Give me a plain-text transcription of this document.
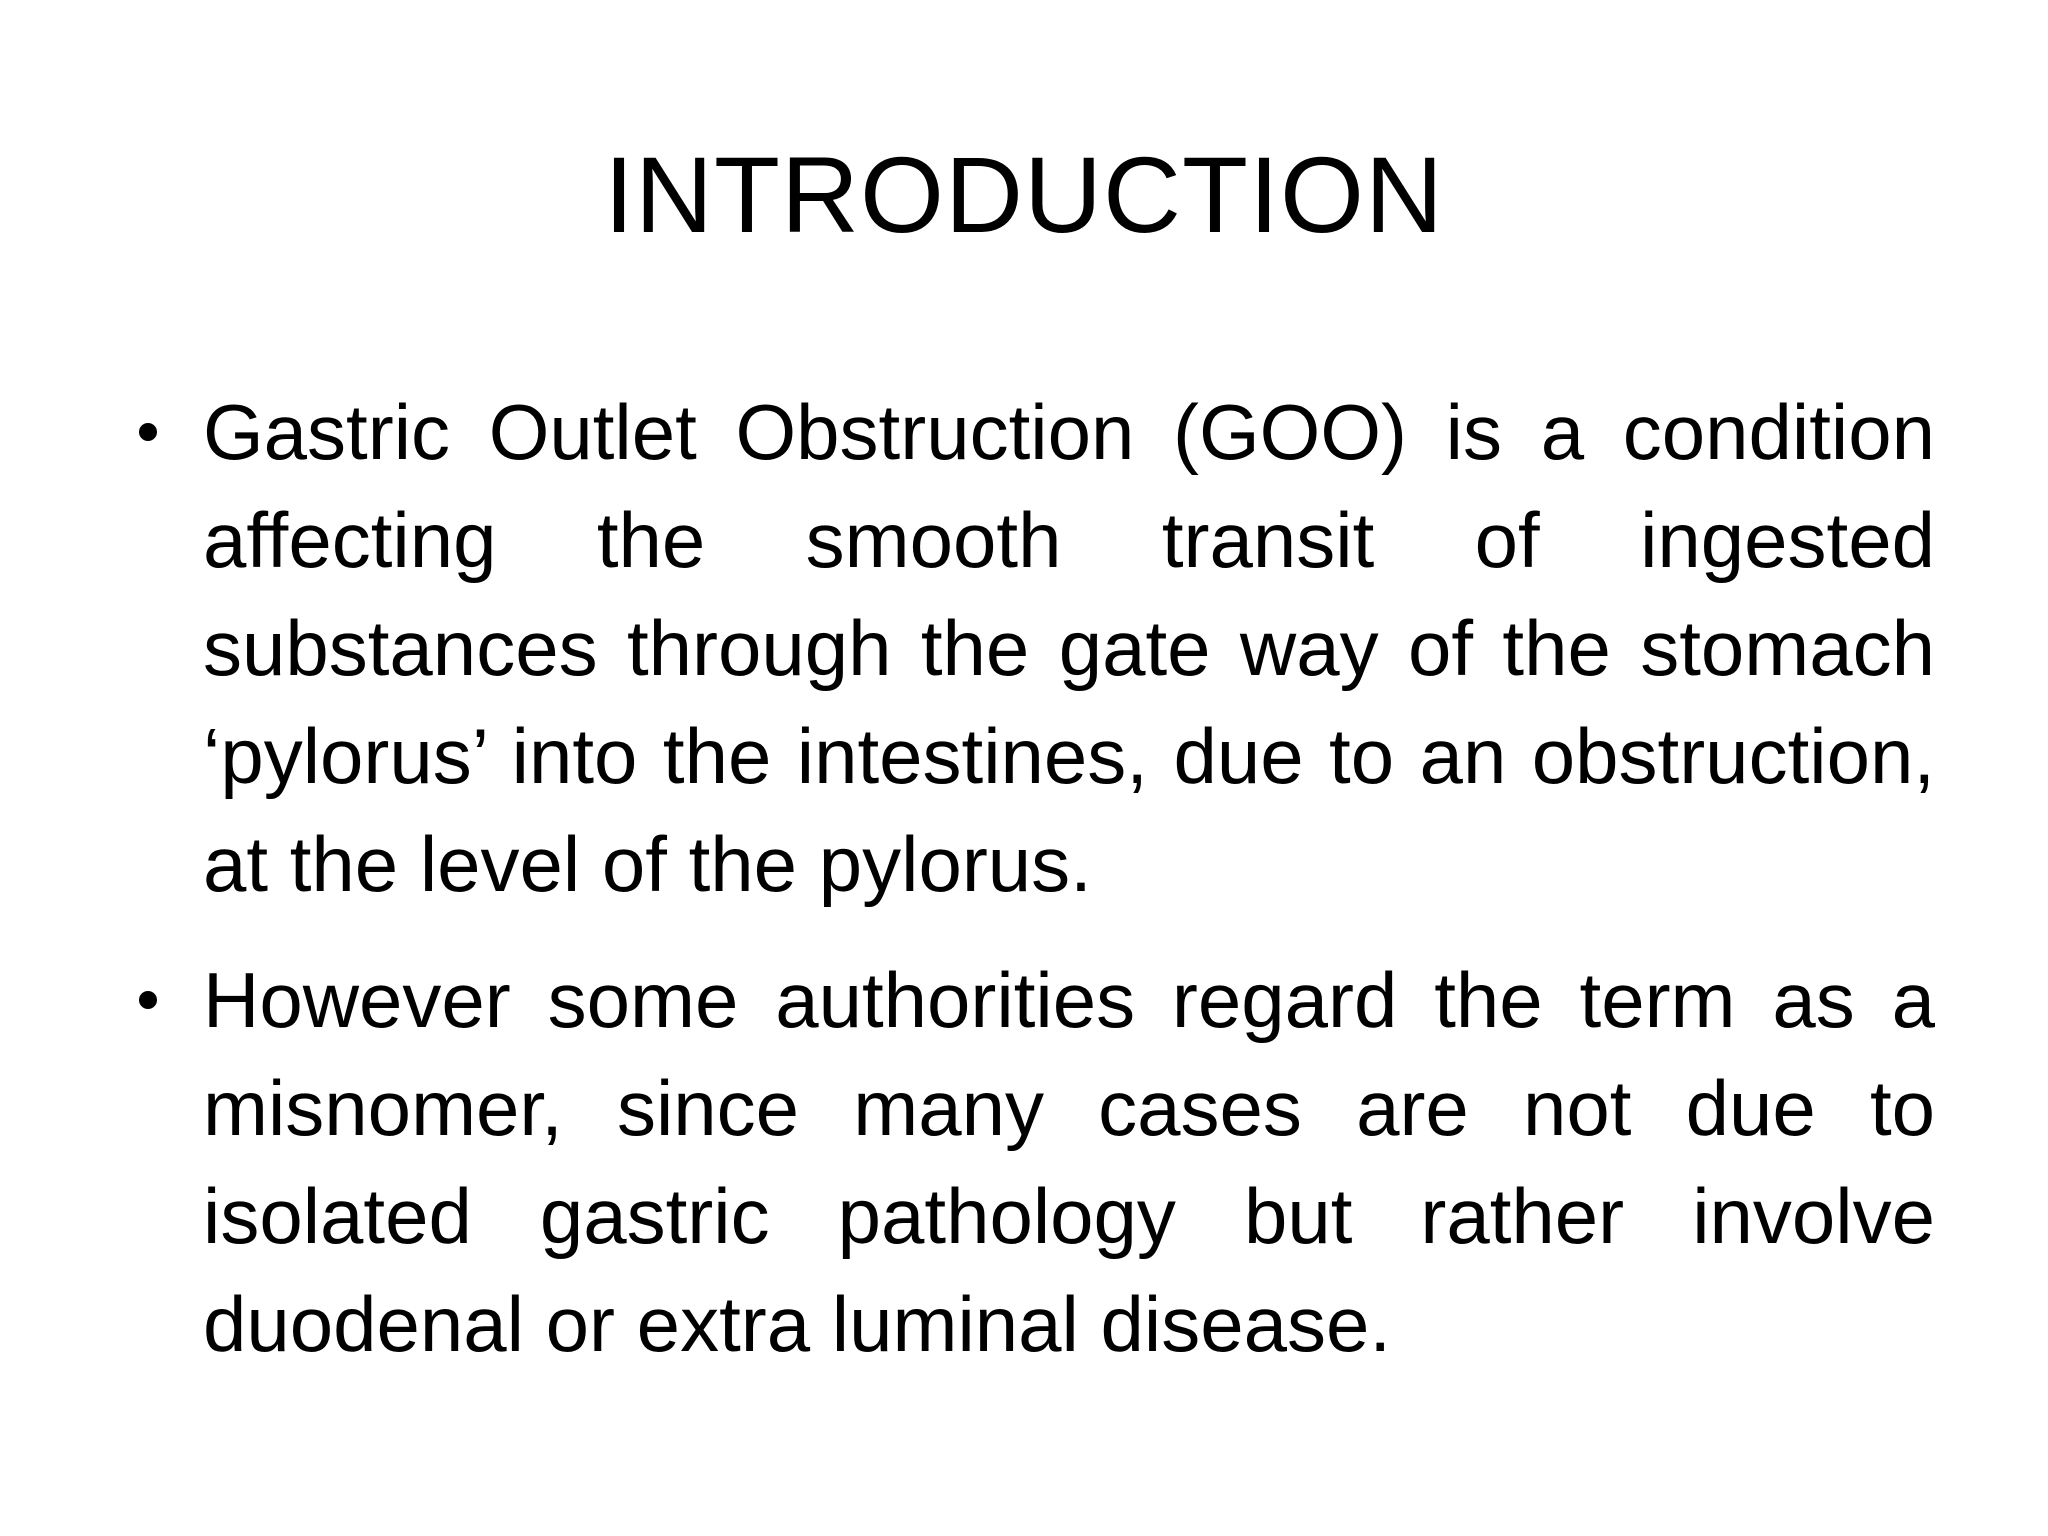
INTRODUCTION
Gastric Outlet Obstruction (GOO) is a condition affecting the smooth transit of ingested substances through the gate way of the stomach ‘pylorus’ into the intestines, due to an obstruction, at the level of the pylorus.
However some authorities regard the term as a misnomer, since many cases are not due to isolated gastric pathology but rather involve duodenal or extra luminal disease.
